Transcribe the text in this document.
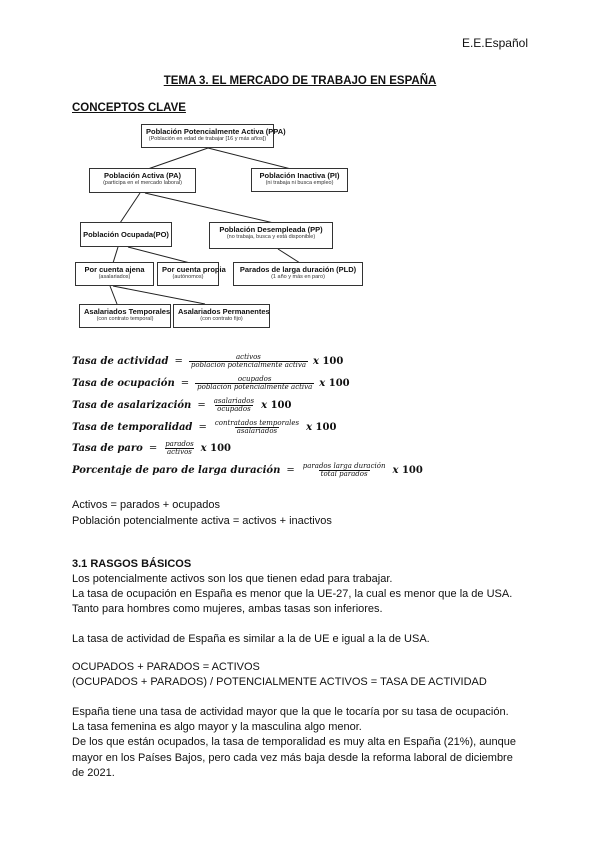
E.E.Español
TEMA 3. EL MERCADO DE TRABAJO EN ESPAÑA
CONCEPTOS CLAVE
Población Potencialmente Activa (PPA)
(Población en edad de trabajar [16 y más años])
Población Activa (PA)
(participa en el mercado laboral)
Población Inactiva (PI)
(ni trabaja ni busca empleo)
Población Ocupada(PO)
Población Desempleada (PP)
(no trabaja, busca y está disponible)
Por cuenta ajena
(asalariados)
Por cuenta propia
(autónomos)
Parados de larga duración (PLD)
(1 año y más en paro)
Asalariados Temporales
(con contrato temporal)
Asalariados Permanentes
(con contrato fijo)
Tasa de actividad = $\frac{\text{activos}}{\text{población potencialmente activa}}$ x 100
Tasa de ocupación = $\frac{\text{ocupados}}{\text{población potencialmente activa}}$ x 100
Tasa de asalarización = $\frac{\text{asalariados}}{\text{ocupados}}$ x 100
Tasa de temporalidad = $\frac{\text{contratados temporales}}{\text{asalariados}}$ x 100
Tasa de paro = $\frac{\text{parados}}{\text{activos}}$ x 100
Porcentaje de paro de larga duración = $\frac{\text{parados larga duración}}{\text{total parados}}$ x 100
Activos = parados + ocupados
Población potencialmente activa = activos + inactivos
3.1 RASGOS BÁSICOS
Los potencialmente activos son los que tienen edad para trabajar.
La tasa de ocupación en España es menor que la UE-27, la cual es menor que la de USA.
Tanto para hombres como mujeres, ambas tasas son inferiores.
La tasa de actividad de España es similar a la de UE e igual a la de USA.
OCUPADOS + PARADOS = ACTIVOS
(OCUPADOS + PARADOS) / POTENCIALMENTE ACTIVOS = TASA DE ACTIVIDAD
España tiene una tasa de actividad mayor que la que le tocaría por su tasa de ocupación.
La tasa femenina es algo mayor y la masculina algo menor.
De los que están ocupados, la tasa de temporalidad es muy alta en España (21%), aunque mayor en los Países Bajos, pero cada vez más baja desde la reforma laboral de diciembre de 2021.
